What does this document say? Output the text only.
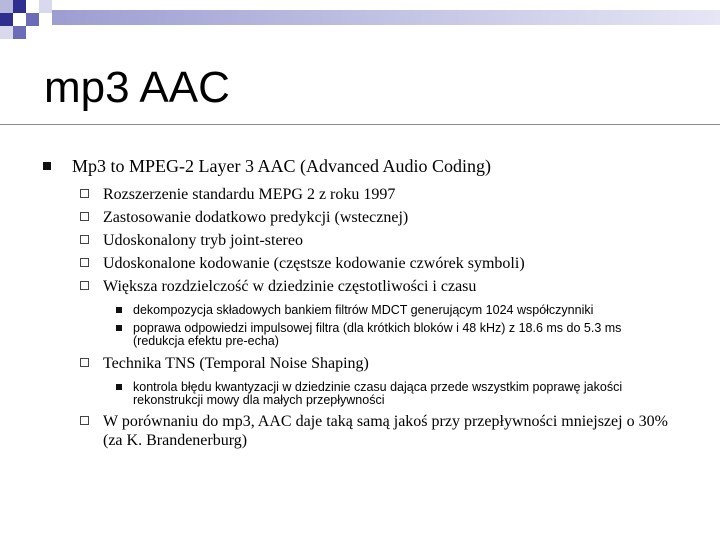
mp3 AAC
Mp3 to MPEG-2 Layer 3 AAC (Advanced Audio Coding)
Rozszerzenie standardu MEPG 2 z roku 1997
Zastosowanie dodatkowo predykcji (wstecznej)
Udoskonalony tryb joint-stereo
Udoskonalone kodowanie (częstsze kodowanie czwórek symboli)
Większa rozdzielczość w dziedzinie częstotliwości i czasu
dekompozycja składowych bankiem filtrów MDCT generującym 1024 współczynniki
poprawa odpowiedzi impulsowej filtra (dla krótkich bloków i 48 kHz) z 18.6 ms do 5.3 ms (redukcja efektu pre-echa)
Technika TNS (Temporal Noise Shaping)
kontrola błędu kwantyzacji w dziedzinie czasu dająca przede wszystkim poprawę jakości rekonstrukcji mowy dla małych przepływności
W porównaniu do mp3, AAC daje taką samą jakoś przy przepływności mniejszej o 30% (za K. Brandenerburg)
